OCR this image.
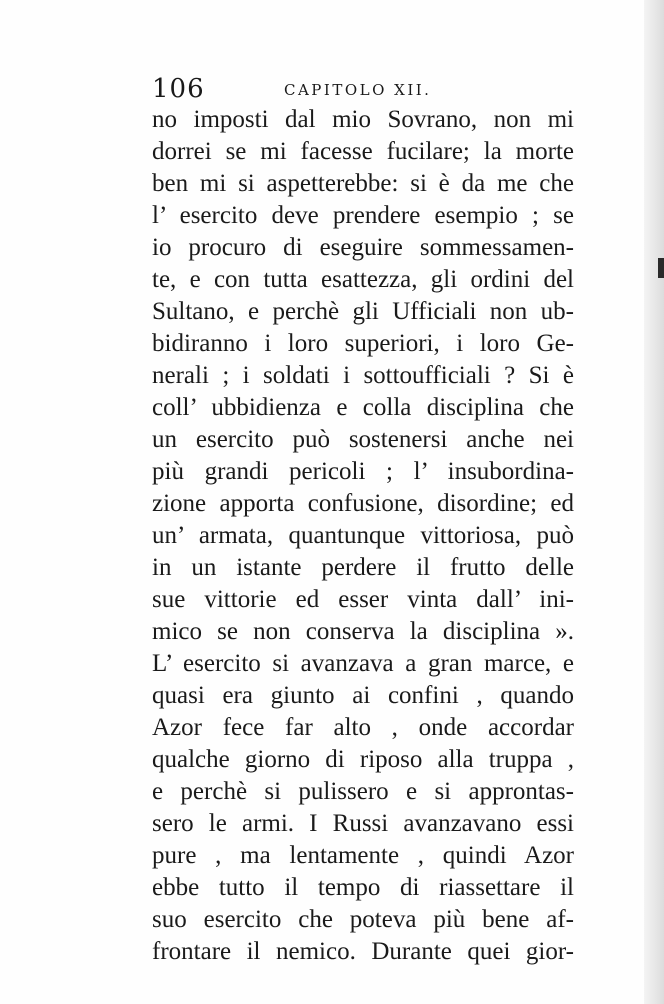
106	CAPITOLO XII.
no imposti dal mio Sovrano, non mi
dorrei se mi facesse fucilare; la morte
ben mi si aspetterebbe: si è da me che
l’ esercito deve prendere esempio ; se
io procuro di eseguire sommessamen-
te, e con tutta esattezza, gli ordini del
Sultano, e perchè gli Ufficiali non ub-
bidiranno i loro superiori, i loro Ge-
nerali ; i soldati i sottoufficiali ? Si è
coll’ ubbidienza e colla disciplina che
un esercito può sostenersi anche nei
più grandi pericoli ; l’ insubordina-
zione apporta confusione, disordine; ed
un’ armata, quantunque vittoriosa, può
in un istante perdere il frutto delle
sue vittorie ed esser vinta dall’ ini-
mico se non conserva la disciplina ».
L’ esercito si avanzava a gran marce, e
quasi era giunto ai confini , quando
Azor fece far alto , onde accordar
qualche giorno di riposo alla truppa ,
e perchè si pulissero e si approntas-
sero le armi. I Russi avanzavano essi
pure , ma lentamente , quindi Azor
ebbe tutto il tempo di riassettare il
suo esercito che poteva più bene af-
frontare il nemico. Durante quei gior-
